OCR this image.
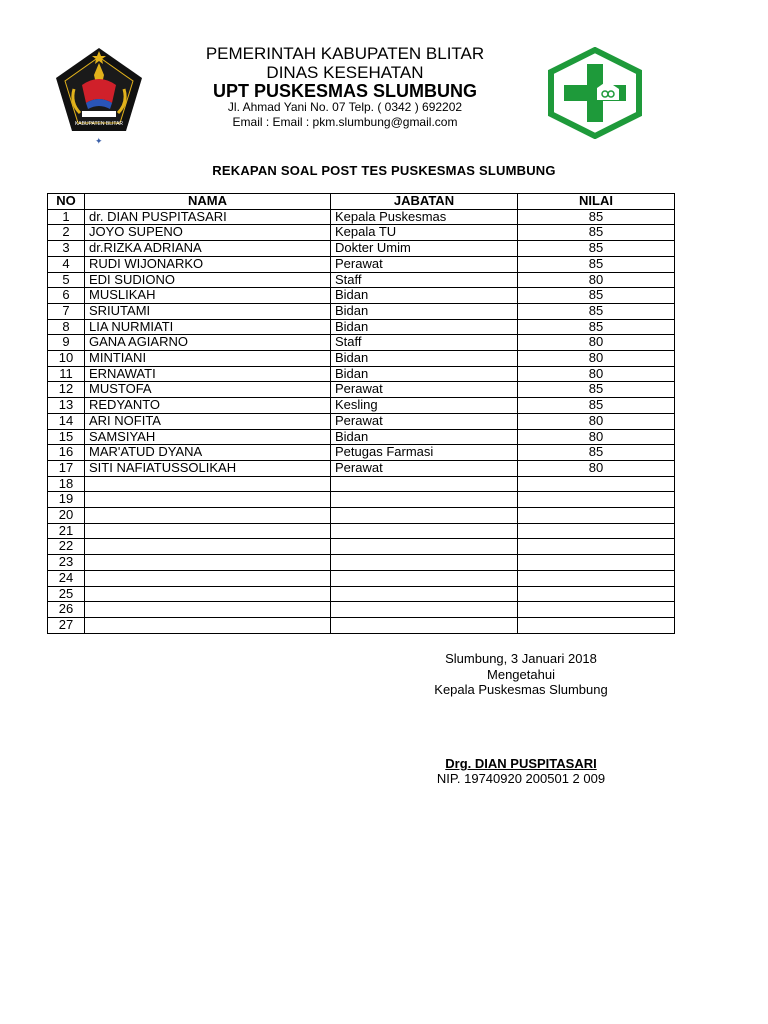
KABUPATEN BLITAR
✦
PEMERINTAH KABUPATEN BLITAR
DINAS KESEHATAN
UPT PUSKESMAS SLUMBUNG
Jl. Ahmad Yani No. 07 Telp. ( 0342 ) 692202
Email : Email : pkm.slumbung@gmail.com
REKAPAN SOAL POST TES PUSKESMAS SLUMBUNG
NO	NAMA	JABATAN	NILAI
1	dr. DIAN PUSPITASARI	Kepala Puskesmas	85
2	JOYO SUPENO	Kepala TU	85
3	dr.RIZKA ADRIANA	Dokter Umim	85
4	RUDI WIJONARKO	Perawat	85
5	EDI SUDIONO	Staff	80
6	MUSLIKAH	Bidan	85
7	SRIUTAMI	Bidan	85
8	LIA NURMIATI	Bidan	85
9	GANA AGIARNO	Staff	80
10	MINTIANI	Bidan	80
11	ERNAWATI	Bidan	80
12	MUSTOFA	Perawat	85
13	REDYANTO	Kesling	85
14	ARI NOFITA	Perawat	80
15	SAMSIYAH	Bidan	80
16	MAR'ATUD DYANA	Petugas Farmasi	85
17	SITI NAFIATUSSOLIKAH	Perawat	80
18			
19			
20			
21			
22			
23			
24			
25			
26			
27			
Slumbung, 3 Januari 2018
Mengetahui
Kepala Puskesmas Slumbung
Drg. DIAN PUSPITASARI
NIP. 19740920 200501 2 009
